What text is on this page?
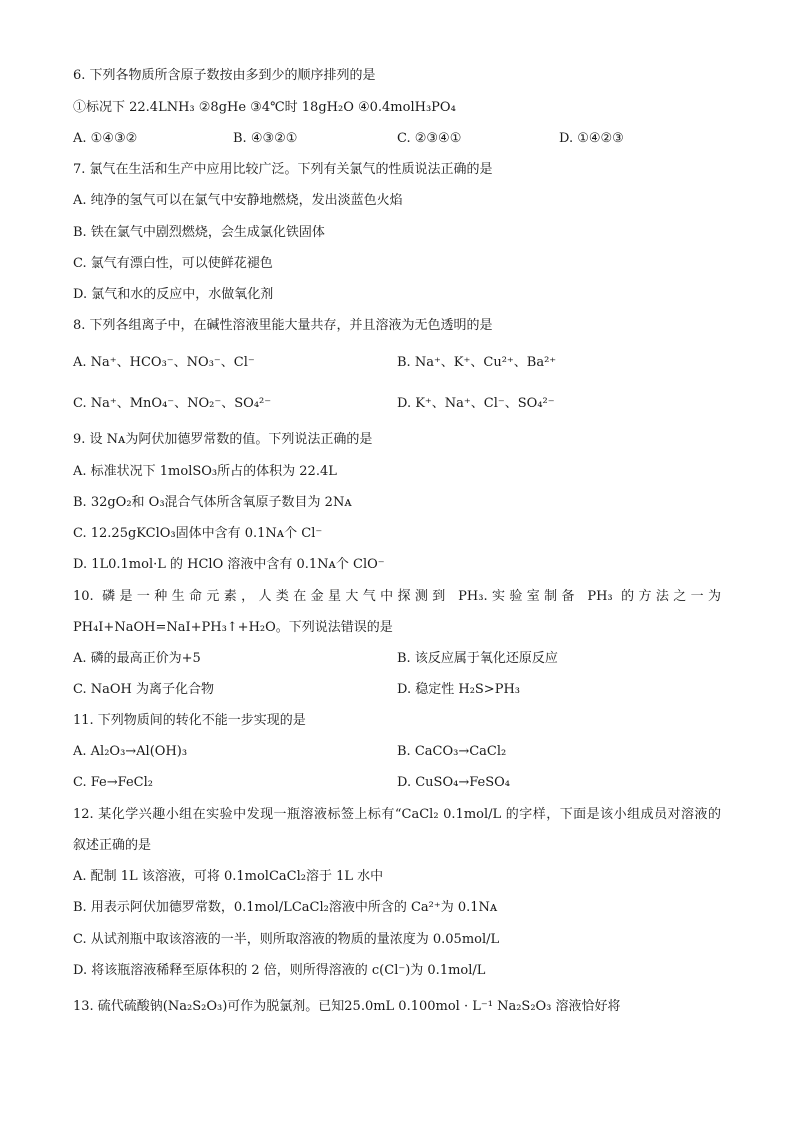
6. 下列各物质所含原子数按由多到少的顺序排列的是
①标况下 22.4LNH₃ ②8gHe ③4℃时 18gH₂O ④0.4molH₃PO₄
A. ①④③②	B. ④③②①	C. ②③④①	D. ①④②③
7. 氯气在生活和生产中应用比较广泛。下列有关氯气的性质说法正确的是
A. 纯净的氢气可以在氯气中安静地燃烧，发出淡蓝色火焰
B. 铁在氯气中剧烈燃烧，会生成氯化铁固体
C. 氯气有漂白性，可以使鲜花褪色
D. 氯气和水的反应中，水做氧化剂
8. 下列各组离子中，在碱性溶液里能大量共存，并且溶液为无色透明的是
A. Na⁺、HCO₃⁻、NO₃⁻、Cl⁻	B. Na⁺、K⁺、Cu²⁺、Ba²⁺
C. Na⁺、MnO₄⁻、NO₂⁻、SO₄²⁻	D. K⁺、Na⁺、Cl⁻、SO₄²⁻
9. 设 Nᴀ为阿伏加德罗常数的值。下列说法正确的是
A. 标准状况下 1molSO₃所占的体积为 22.4L
B. 32gO₂和 O₃混合气体所含氧原子数目为 2Nᴀ
C. 12.25gKClO₃固体中含有 0.1Nᴀ个 Cl⁻
D. 1L0.1mol·L 的 HClO 溶液中含有 0.1Nᴀ个 ClO⁻
10. 磷是一种生命元素，人类在金星大气中探测到 PH₃.实验室制备 PH₃ 的方法之一为
PH₄I+NaOH=NaI+PH₃↑+H₂O。下列说法错误的是
A. 磷的最高正价为+5	B. 该反应属于氧化还原反应
C. NaOH 为离子化合物	D. 稳定性 H₂S>PH₃
11. 下列物质间的转化不能一步实现的是
A. Al₂O₃→Al(OH)₃	B. CaCO₃→CaCl₂
C. Fe→FeCl₂	D. CuSO₄→FeSO₄
12. 某化学兴趣小组在实验中发现一瓶溶液标签上标有“CaCl₂ 0.1mol/L 的字样，下面是该小组成员对溶液的
叙述正确的是
A. 配制 1L 该溶液，可将 0.1molCaCl₂溶于 1L 水中
B. 用表示阿伏加德罗常数，0.1mol/LCaCl₂溶液中所含的 Ca²⁺为 0.1Nᴀ
C. 从试剂瓶中取该溶液的一半，则所取溶液的物质的量浓度为 0.05mol/L
D. 将该瓶溶液稀释至原体积的 2 倍，则所得溶液的 c(Cl⁻)为 0.1mol/L
13. 硫代硫酸钠(Na₂S₂O₃)可作为脱氯剂。已知25.0mL 0.100mol · L⁻¹ Na₂S₂O₃ 溶液恰好将
